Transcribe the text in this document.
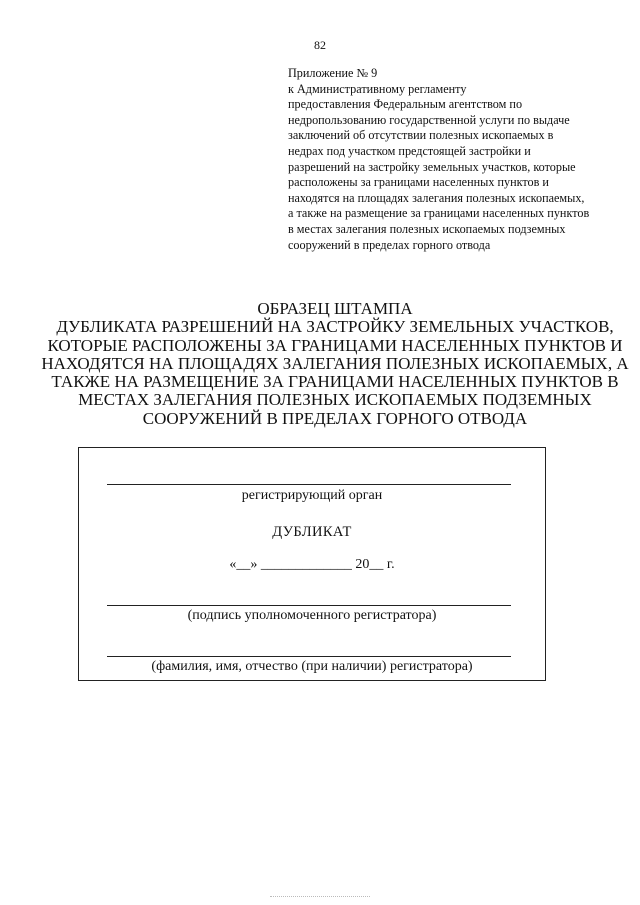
82
Приложение № 9
к Административному регламенту
предоставления Федеральным агентством по
недропользованию государственной услуги по выдаче
заключений об отсутствии полезных ископаемых в
недрах под участком предстоящей застройки и
разрешений на застройку земельных участков, которые
расположены за границами населенных пунктов и
находятся на площадях залегания полезных ископаемых,
а также на размещение за границами населенных пунктов
в местах залегания полезных ископаемых подземных
сооружений в пределах горного отвода
ОБРАЗЕЦ ШТАМПА
ДУБЛИКАТА РАЗРЕШЕНИЙ НА ЗАСТРОЙКУ ЗЕМЕЛЬНЫХ УЧАСТКОВ,
КОТОРЫЕ РАСПОЛОЖЕНЫ ЗА ГРАНИЦАМИ НАСЕЛЕННЫХ ПУНКТОВ И
НАХОДЯТСЯ НА ПЛОЩАДЯХ ЗАЛЕГАНИЯ ПОЛЕЗНЫХ ИСКОПАЕМЫХ, А
ТАКЖЕ НА РАЗМЕЩЕНИЕ ЗА ГРАНИЦАМИ НАСЕЛЕННЫХ ПУНКТОВ В
МЕСТАХ ЗАЛЕГАНИЯ ПОЛЕЗНЫХ ИСКОПАЕМЫХ ПОДЗЕМНЫХ
СООРУЖЕНИЙ В ПРЕДЕЛАХ ГОРНОГО ОТВОДА
регистрирующий орган
ДУБЛИКАТ
«__» _____________ 20__ г.
(подпись уполномоченного регистратора)
(фамилия, имя, отчество (при наличии) регистратора)
